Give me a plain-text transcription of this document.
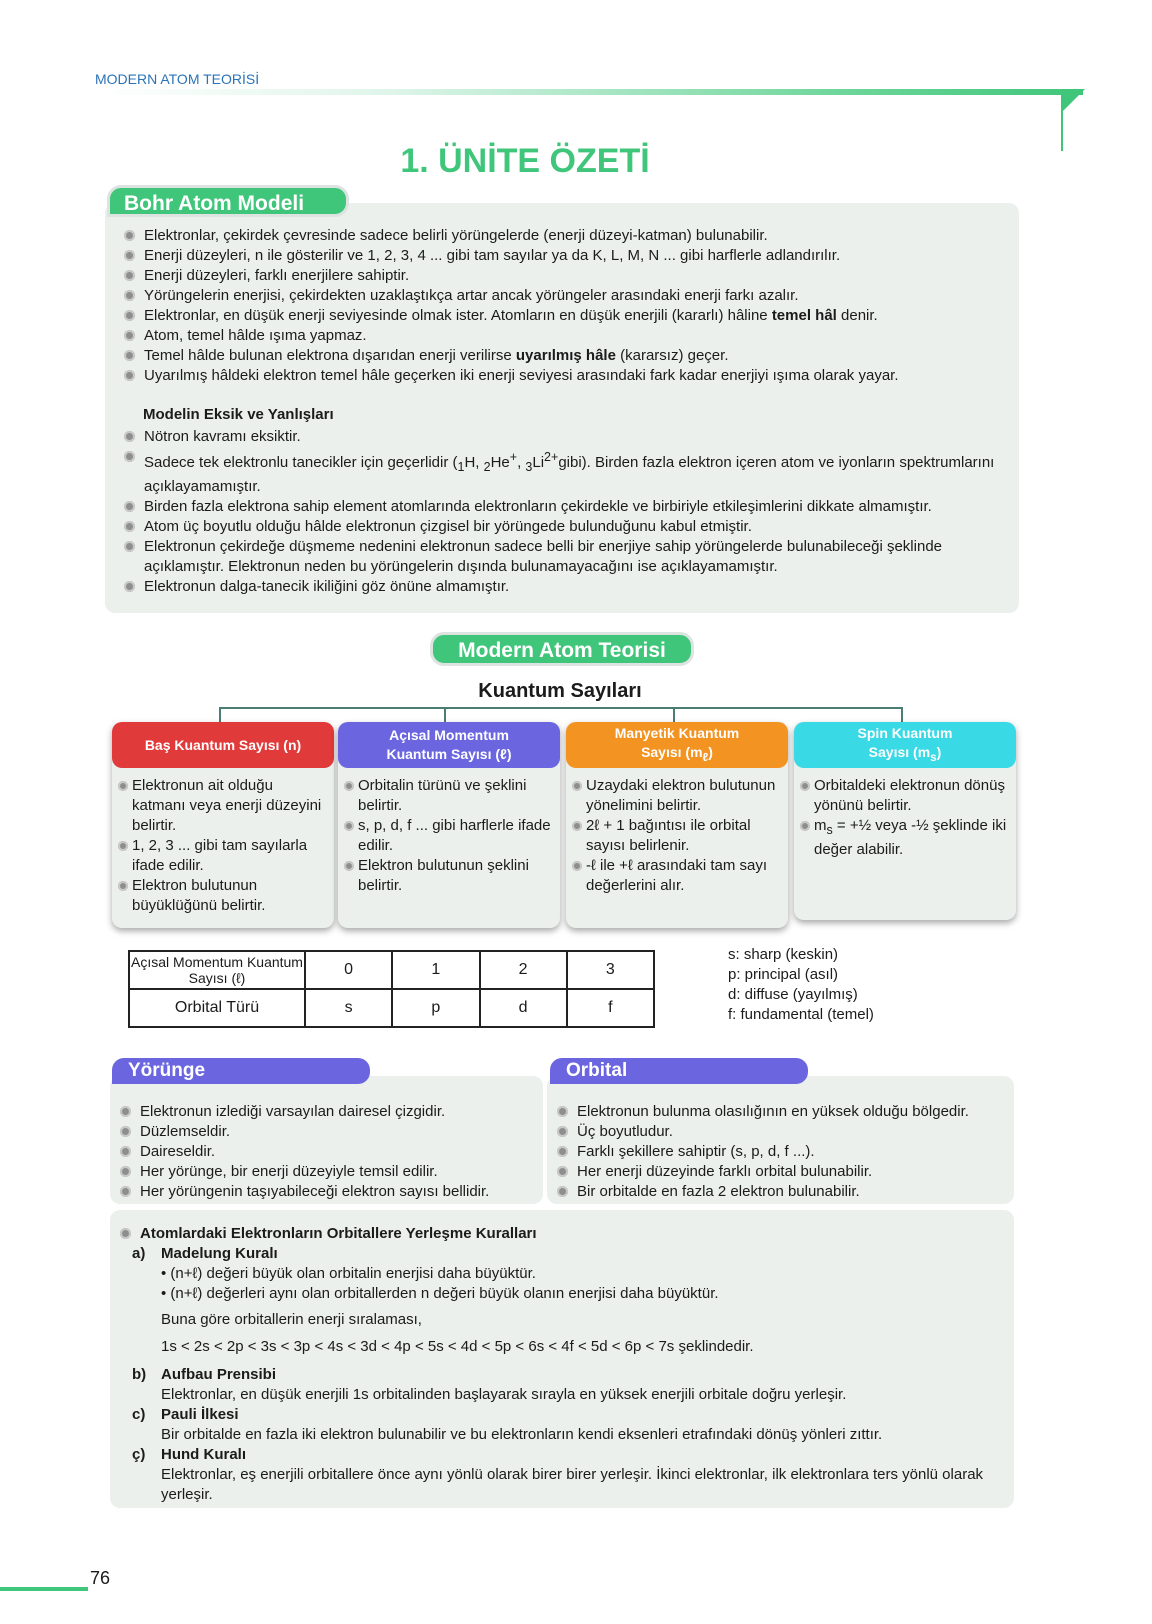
MODERN ATOM TEORİSİ
1. ÜNİTE ÖZETİ
Bohr Atom Modeli
Elektronlar, çekirdek çevresinde sadece belirli yörüngelerde (enerji düzeyi-katman) bulunabilir.
Enerji düzeyleri, n ile gösterilir ve 1, 2, 3, 4 ... gibi tam sayılar ya da K, L, M, N ... gibi harflerle adlandırılır.
Enerji düzeyleri, farklı enerjilere sahiptir.
Yörüngelerin enerjisi, çekirdekten uzaklaştıkça artar ancak yörüngeler arasındaki enerji farkı azalır.
Elektronlar, en düşük enerji seviyesinde olmak ister. Atomların en düşük enerjili (kararlı) hâline temel hâl denir.
Atom, temel hâlde ışıma yapmaz.
Temel hâlde bulunan elektrona dışarıdan enerji verilirse uyarılmış hâle (kararsız) geçer.
Uyarılmış hâldeki elektron temel hâle geçerken iki enerji seviyesi arasındaki fark kadar enerjiyi ışıma olarak yayar.
Modelin Eksik ve Yanlışları
Nötron kavramı eksiktir.
Sadece tek elektronlu tanecikler için geçerlidir ($_1H$, $_2$He+, $_3Li^{2+}gibi$). Birden fazla elektron içeren atom ve iyonların spektrumlarını açıklayamamıştır.
Birden fazla elektrona sahip element atomlarında elektronların çekirdekle ve birbiriyle etkileşimlerini dikkate almamıştır.
Atom üç boyutlu olduğu hâlde elektronun çizgisel bir yörüngede bulunduğunu kabul etmiştir.
Elektronun çekirdeğe düşmeme nedenini elektronun sadece belli bir enerjiye sahip yörüngelerde bulunabileceği şeklinde açıklamıştır. Elektronun neden bu yörüngelerin dışında bulunamayacağını ise açıklayamamıştır.
Elektronun dalga-tanecik ikiliğini göz önüne almamıştır.
Modern Atom Teorisi
Kuantum Sayıları
Elektronun ait olduğu katmanı veya enerji düzeyini belirtir.
1, 2, 3 ... gibi tam sayılarla ifade edilir.
Elektron bulutunun büyüklüğünü belirtir.
Baş Kuantum Sayısı (n)
Orbitalin türünü ve şeklini belirtir.
s, p, d, f ... gibi harflerle ifade edilir.
Elektron bulutunun şeklini belirtir.
Açısal Momentum
Kuantum Sayısı (ℓ)
Uzaydaki elektron bulutunun yönelimini belirtir.
2ℓ + 1 bağıntısı ile orbital sayısı belirlenir.
-ℓ ile +ℓ arasındaki tam sayı değerlerini alır.
Manyetik Kuantum
Sayısı $(m_\ell)$
Orbitaldeki elektronun dönüş yönünü belirtir.
$m_s$ = +½ veya -½ şeklinde iki değer alabilir.
Spin Kuantum
Sayısı $(m_s)$
Açısal Momentum Kuantum Sayısı (ℓ)	0	1	2	3
Orbital Türü	s	p	d	f
s: sharp (keskin)
p: principal (asıl)
d: diffuse (yayılmış)
f: fundamental (temel)
Elektronun izlediği varsayılan dairesel çizgidir.
Düzlemseldir.
Daireseldir.
Her yörünge, bir enerji düzeyiyle temsil edilir.
Her yörüngenin taşıyabileceği elektron sayısı bellidir.
Yörünge
Elektronun bulunma olasılığının en yüksek olduğu bölgedir.
Üç boyutludur.
Farklı şekillere sahiptir (s, p, d, f ...).
Her enerji düzeyinde farklı orbital bulunabilir.
Bir orbitalde en fazla 2 elektron bulunabilir.
Orbital
Atomlardaki Elektronların Orbitallere Yerleşme Kuralları
a) Madelung Kuralı
• (n+ℓ) değeri büyük olan orbitalin enerjisi daha büyüktür.
• (n+ℓ) değerleri aynı olan orbitallerden n değeri büyük olanın enerjisi daha büyüktür.
Buna göre orbitallerin enerji sıralaması,
1s < 2s < 2p < 3s < 3p < 4s < 3d < 4p < 5s < 4d < 5p < 6s < 4f < 5d < 6p < 7s şeklindedir.
b) Aufbau Prensibi
Elektronlar, en düşük enerjili 1s orbitalinden başlayarak sırayla en yüksek enerjili orbitale doğru yerleşir.
c) Pauli İlkesi
Bir orbitalde en fazla iki elektron bulunabilir ve bu elektronların kendi eksenleri etrafındaki dönüş yönleri zıttır.
ç) Hund Kuralı
Elektronlar, eş enerjili orbitallere önce aynı yönlü olarak birer birer yerleşir. İkinci elektronlar, ilk elektronlara ters yönlü olarak yerleşir.
76
